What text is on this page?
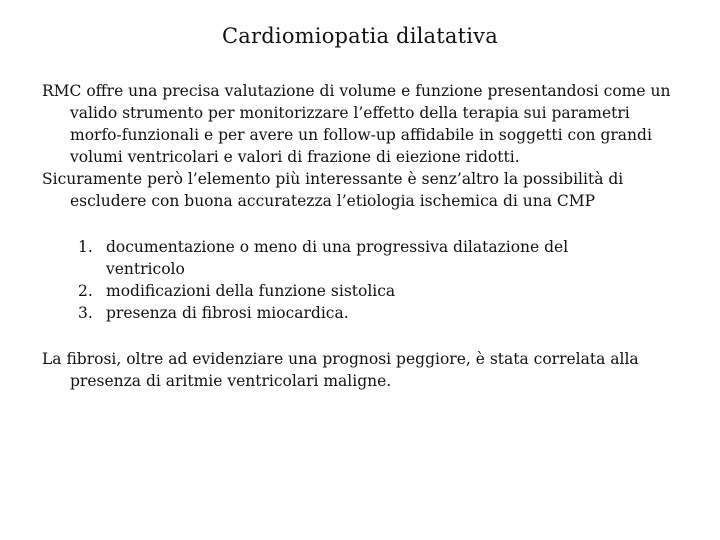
Cardiomiopatia dilatativa

RMC offre una precisa valutazione di volume e funzione presentandosi come un valido strumento per monitorizzare l’effetto della terapia sui parametri morfo-funzionali e per avere un follow-up affidabile in soggetti con grandi volumi ventricolari e valori di frazione di eiezione ridotti.

Sicuramente però l’elemento più interessante è senz’altro la possibilità di escludere con buona accuratezza l’etiologia ischemica di una CMP

1. documentazione o meno di una progressiva dilatazione del ventricolo
2. modificazioni della funzione sistolica
3. presenza di fibrosi miocardica.

La fibrosi, oltre ad evidenziare una prognosi peggiore, è stata correlata alla presenza di aritmie ventricolari maligne.
